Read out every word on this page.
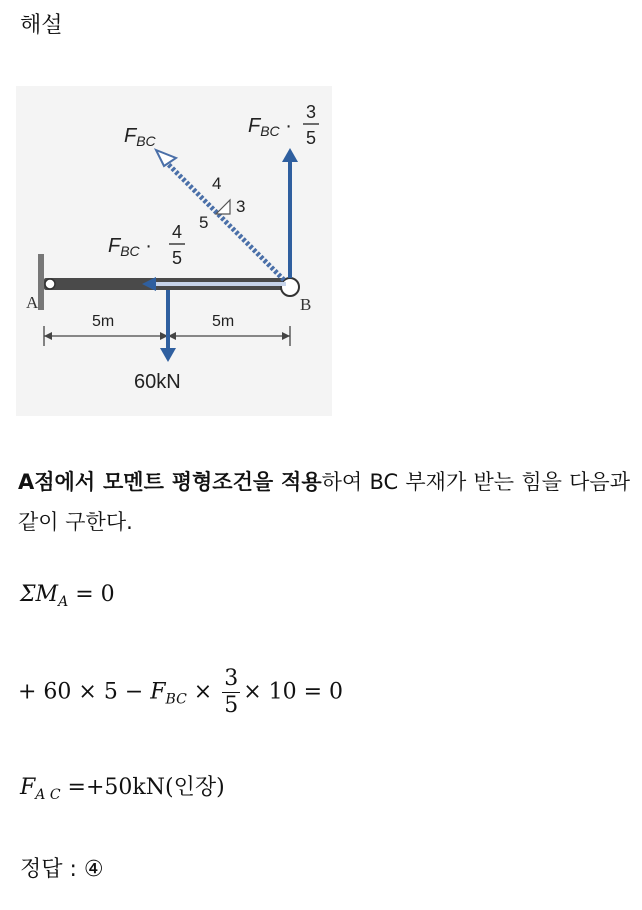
해설
$F_{BC}$
$F_{BC}$ ·
3
5
$F_{BC}$ ·
4
5
4
5
3
A	B
5m	5m
60kN
A점에서 모멘트 평형조건을 적용하여 BC 부재가 받는 힘을 다음과 같이 구한다.
$\Sigma M_A = 0$
+ $60 \times 5 - F_{BC} \times \frac{3}{5} \times 10 = 0$
$F_{A C} =+50kN$(인장)
정답 : ④
